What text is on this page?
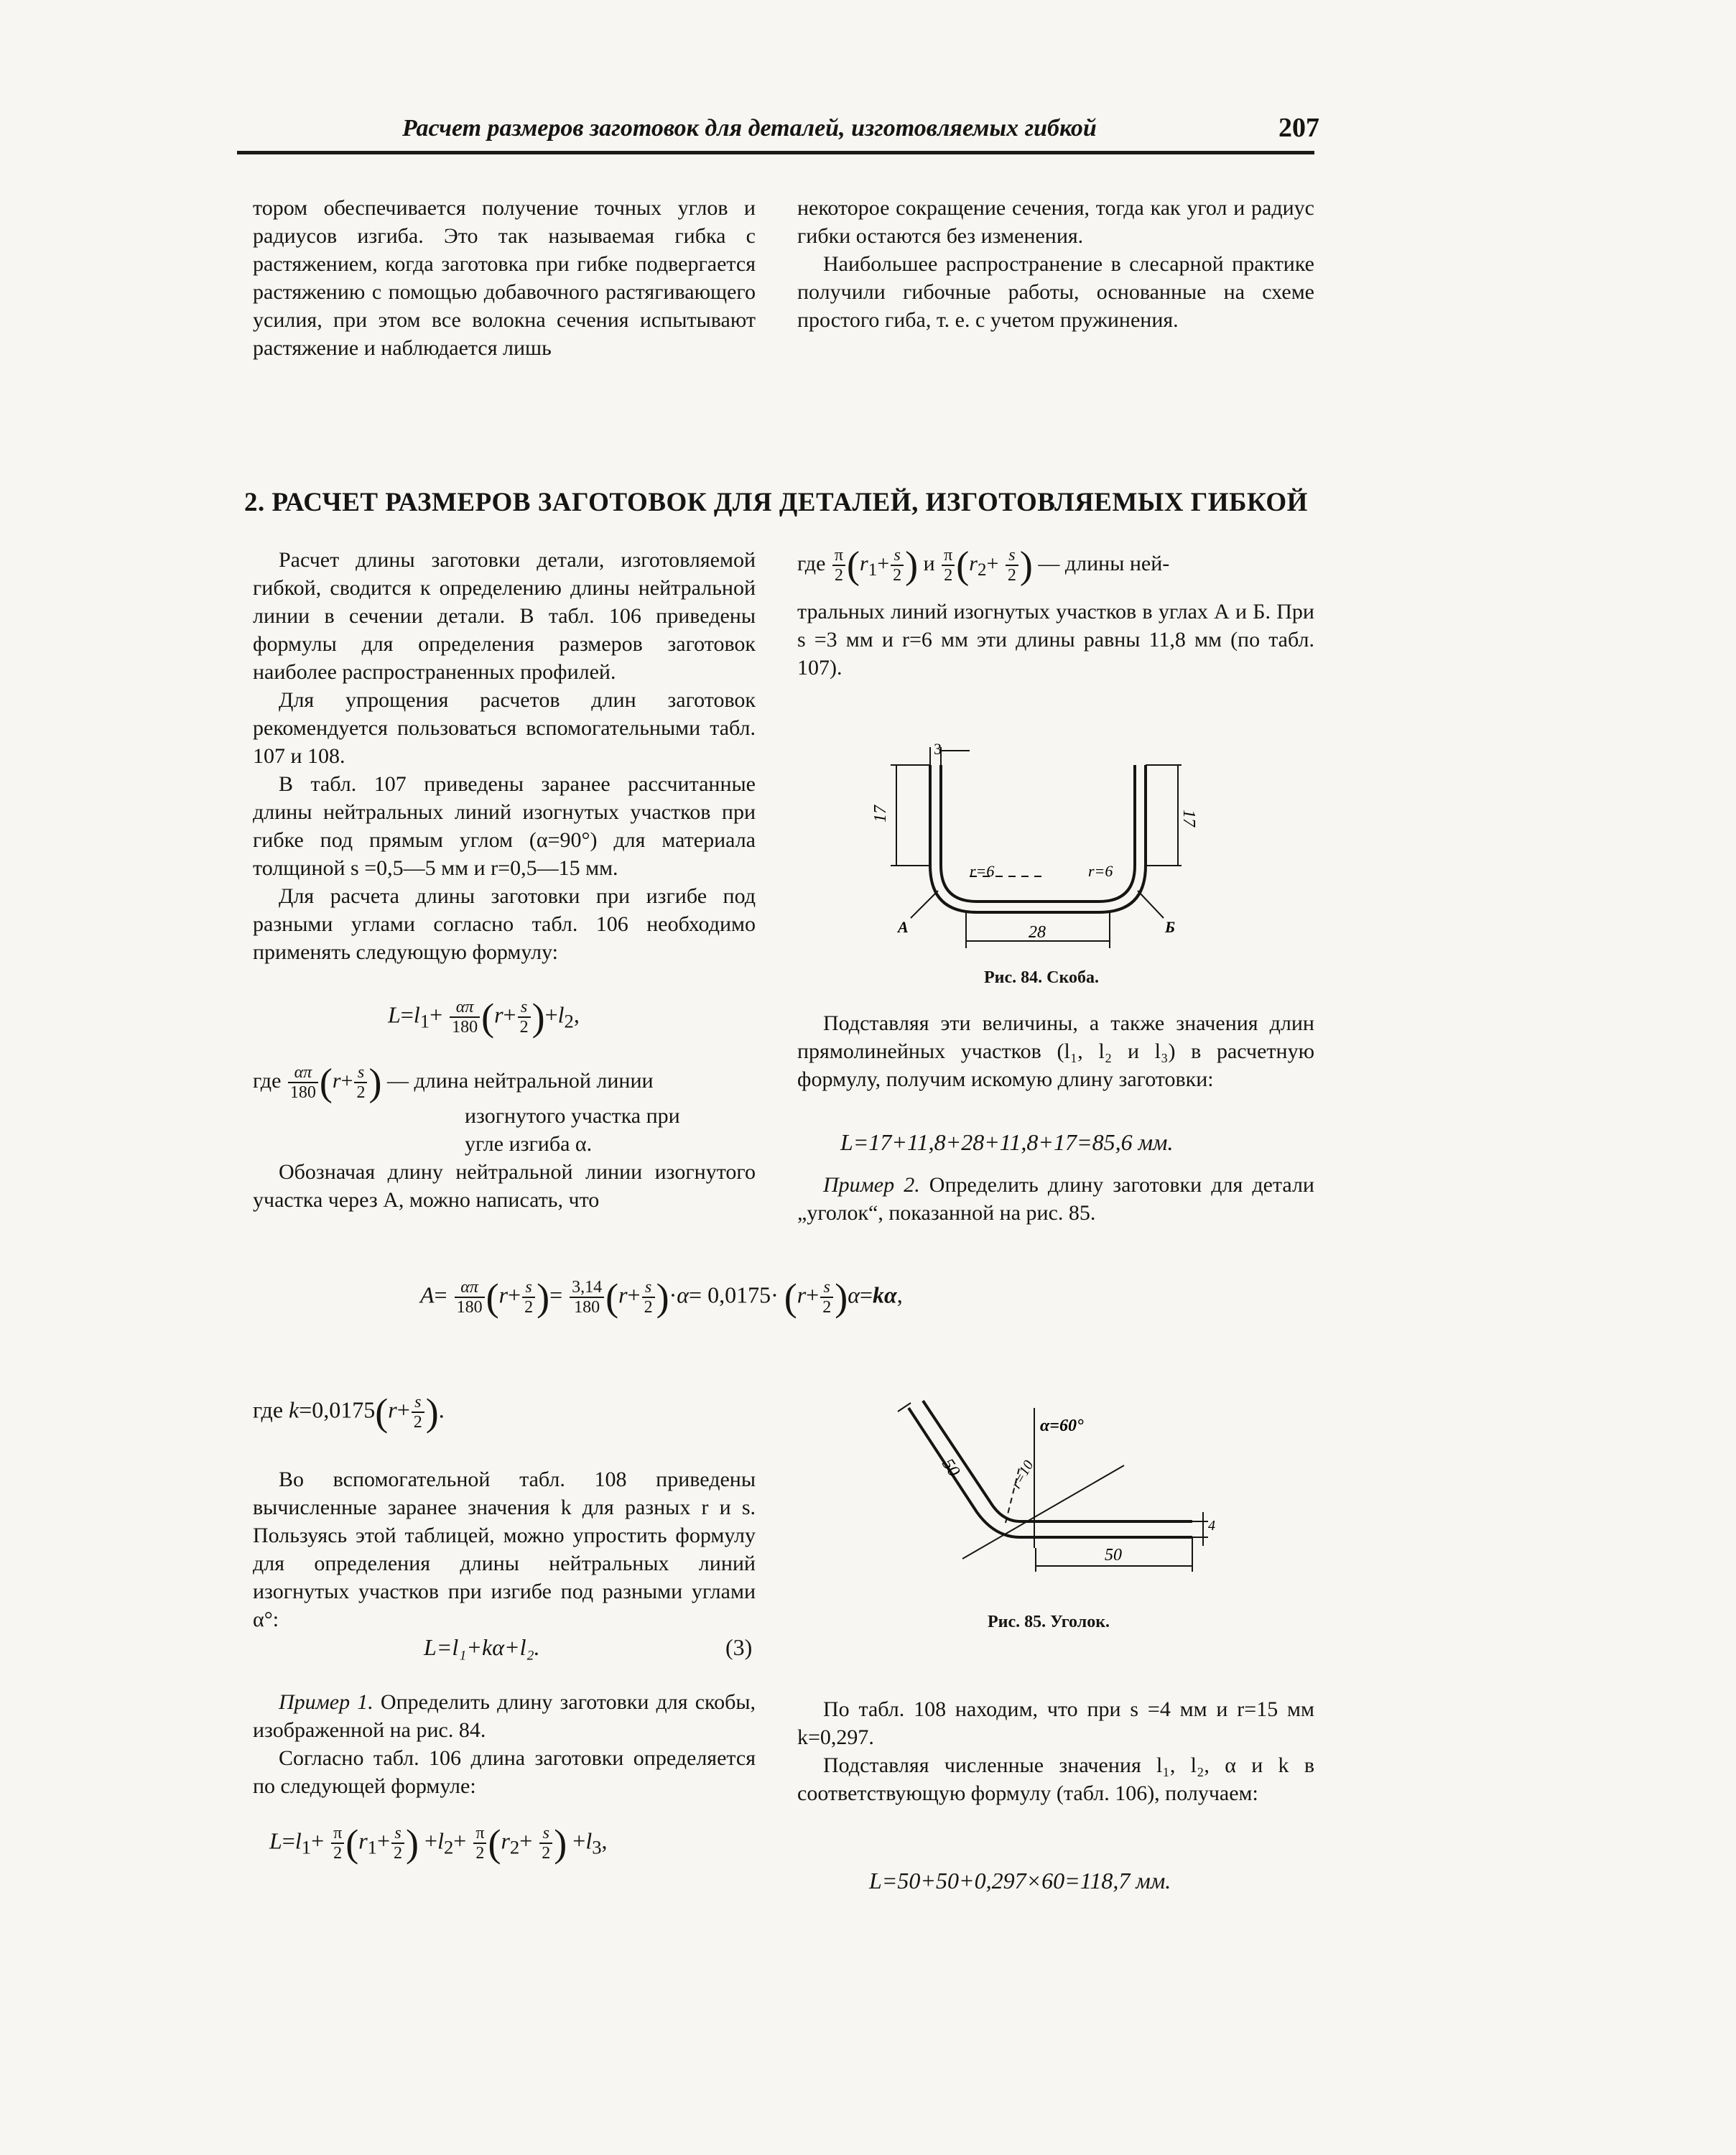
Расчет размеров заготовок для деталей, изготовляемых гибкой	207

тором обеспечивается получение точных углов и радиусов изгиба. Это так называемая гибка с растяжением, когда заготовка при гибке подвергается растяжению с помощью добавочного растягивающего усилия, при этом все волокна сечения испытывают растяжение и наблюдается лишь

некоторое сокращение сечения, тогда как угол и радиус гибки остаются без изменения.

Наибольшее распространение в слесарной практике получили гибочные работы, основанные на схеме простого гиба, т. е. с учетом пружинения.

2. РАСЧЕТ РАЗМЕРОВ ЗАГОТОВОК ДЛЯ ДЕТАЛЕЙ, ИЗГОТОВЛЯЕМЫХ ГИБКОЙ

Расчет длины заготовки детали, изготовляемой гибкой, сводится к определению длины нейтральной линии в сечении детали. В табл. 106 приведены формулы для определения размеров заготовок наиболее распространенных профилей.

Для упрощения расчетов длин заготовок рекомендуется пользоваться вспомогательными табл. 107 и 108.

В табл. 107 приведены заранее рассчитанные длины нейтральных линий изогнутых участков при гибке под прямым углом (α=90°) для материала толщиной s =0,5—5 мм и r=0,5—15 мм.

Для расчета длины заготовки при изгибе под разными углами согласно табл. 106 необходимо применять следующую формулу:

$L=l_1+ \frac{\alpha\pi}{180} (r+ \frac{s}{2} )+l_2$,
где $\frac{\alpha\pi}{180} (r+ \frac{s}{2}$ ) — длина нейтральной линии
изогнутого участка при
угле изгиба α.

Обозначая длину нейтральной линии изогнутого участка через А, можно написать, что

где $\frac{\pi}{2} (r_1+ \frac{s}{2}$ ) и $\frac{\pi}{2} (r_2+ \frac{s}{2}$ ) — длины ней-

тральных линий изогнутых участков в углах А и Б. При s =3 мм и r=6 мм эти длины равны 11,8 мм (по табл. 107).

3
17	17
r=6	r=6
А	Б
28
Рис. 84. Скоба.

Подставляя эти величины, а также значения длин прямолинейных участков (l₁, l₂ и l₃) в расчетную формулу, получим искомую длину заготовки:

L=17+11,8+28+11,8+17=85,6 мм.

Пример 2. Определить длину заготовки для детали „уголок“, показанной на рис. 85.

$A= \frac{\alpha\pi}{180} (r+ \frac{s}{2}$ )= $\frac{3,14}{180} (r+ \frac{s}{2} )\cdot\alpha= 0,0175\cdot (r+ \frac{s}{2} )\alpha=k\alpha$,
где $k=0,0175(r+ \frac{s}{2}$ ).

Во вспомогательной табл. 108 приведены вычисленные заранее значения k для разных r и s. Пользуясь этой таблицей, можно упростить формулу для определения длины нейтральных линий изогнутых участков при изгибе под разными углами α°:

L=l₁+kα+l₂.	(3)

Пример 1. Определить длину заготовки для скобы, изображенной на рис. 84.

Согласно табл. 106 длина заготовки определяется по следующей формуле:

$L=l_1+ \frac{\pi}{2} (r_1+ \frac{s}{2}$ ) $+l_2+ \frac{\pi}{2} (r_2+ \frac{s}{2}$ ) $+l_3$,
α=60°
50	r=10
50
4
Рис. 85. Уголок.

По табл. 108 находим, что при s =4 мм и r=15 мм k=0,297.

Подставляя численные значения l₁, l₂, α и k в соответствующую формулу (табл. 106), получаем:

L=50+50+0,297×60=118,7 мм.
